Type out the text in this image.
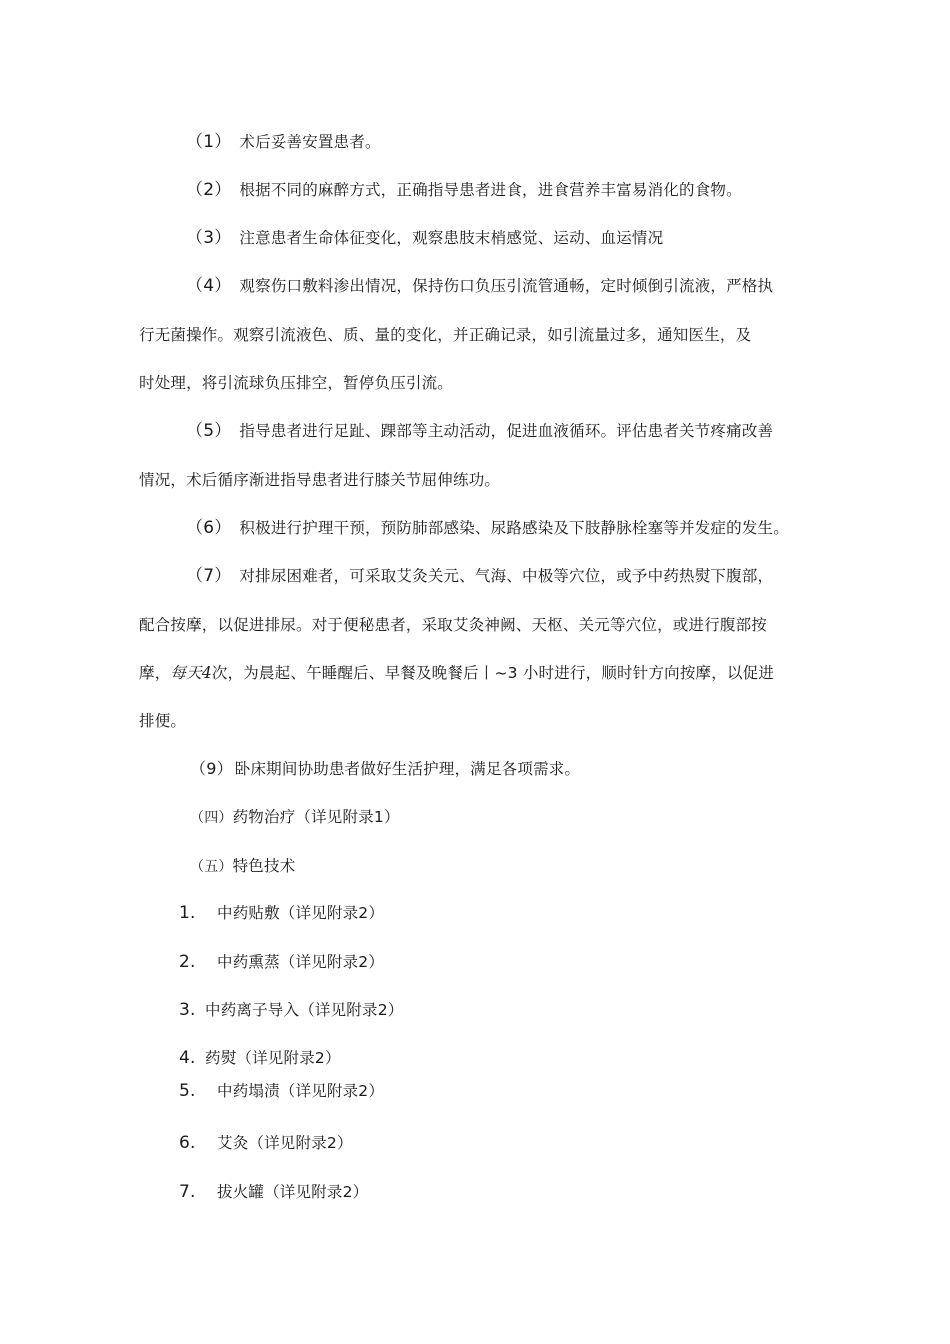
（1） 术后妥善安置患者。
（2） 根据不同的麻醉方式，正确指导患者进食，进食营养丰富易消化的食物。
（3） 注意患者生命体征变化，观察患肢末梢感觉、运动、血运情况
（4） 观察伤口敷料渗出情况，保持伤口负压引流管通畅，定时倾倒引流液，严格执
行无菌操作。观察引流液色、质、量的变化，并正确记录，如引流量过多，通知医生，及
时处理，将引流球负压排空，暂停负压引流。
（5） 指导患者进行足趾、踝部等主动活动，促进血液循环。评估患者关节疼痛改善
情况，术后循序渐进指导患者进行膝关节屈伸练功。
（6） 积极进行护理干预，预防肺部感染、尿路感染及下肢静脉栓塞等并发症的发生。
（7） 对排尿困难者，可采取艾灸关元、气海、中极等穴位，或予中药热熨下腹部，
配合按摩，以促进排尿。对于便秘患者，采取艾灸神阙、天枢、关元等穴位，或进行腹部按
摩，每天4次，为晨起、午睡醒后、早餐及晚餐后丨~3 小时进行，顺时针方向按摩，以促进
排便。
（9） 卧床期间协助患者做好生活护理，满足各项需求。
（四）药物治疗（详见附录1）
（五）特色技术
1. 中药贴敷（详见附录2）
2. 中药熏蒸（详见附录2）
3. 中药离子导入（详见附录2）
4. 药熨（详见附录2）
5. 中药塌渍（详见附录2）
6. 艾灸（详见附录2）
7. 拔火罐（详见附录2）
